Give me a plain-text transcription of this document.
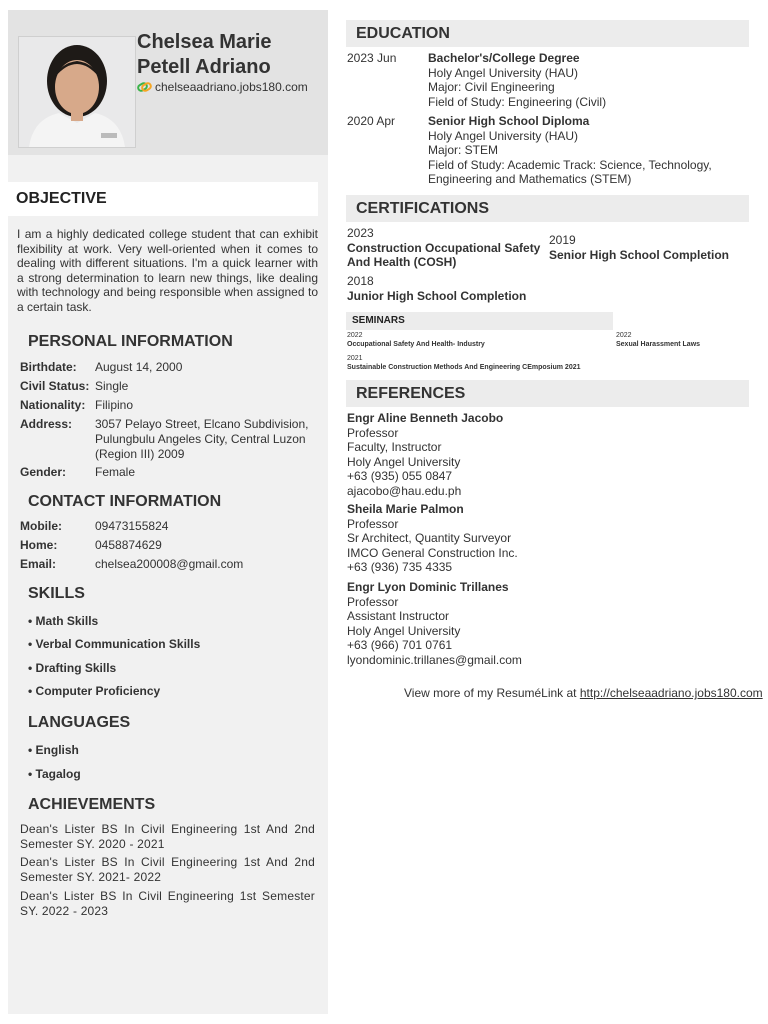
Chelsea Marie
Petell Adriano
chelseaadriano.jobs180.com
OBJECTIVE
I am a highly dedicated college student that can exhibit flexibility at work. Very well-oriented when it comes to dealing with different situations. I'm a quick learner with a strong determination to learn new things, like dealing with technology and being responsible when assigned to a certain task.
PERSONAL INFORMATION
Birthdate: August 14, 2000
Civil Status: Single
Nationality: Filipino
Address: 3057 Pelayo Street, Elcano Subdivision, Pulungbulu Angeles City, Central Luzon (Region III) 2009
Gender: Female
CONTACT INFORMATION
Mobile:	09473155824
Home:	0458874629
Email:	chelsea200008@gmail.com
SKILLS
• Math Skills
• Verbal Communication Skills
• Drafting Skills
• Computer Proficiency
LANGUAGES
• English
• Tagalog
ACHIEVEMENTS
Dean's Lister BS In Civil Engineering 1st And 2nd Semester SY. 2020 - 2021
Dean's Lister BS In Civil Engineering 1st And 2nd Semester SY. 2021- 2022
Dean's Lister BS In Civil Engineering 1st Semester SY. 2022 - 2023
EDUCATION
2023 Jun	Bachelor's/College Degree
Holy Angel University (HAU)
Major: Civil Engineering
Field of Study: Engineering (Civil)
2020 Apr	Senior High School Diploma
Holy Angel University (HAU)
Major: STEM
Field of Study: Academic Track: Science, Technology, Engineering and Mathematics (STEM)
CERTIFICATIONS
2023
Construction Occupational Safety And Health (COSH)
2019
Senior High School Completion
2018
Junior High School Completion
SEMINARS
2022
Occupational Safety And Health- Industry
2022
Sexual Harassment Laws
2021
Sustainable Construction Methods And Engineering CEmposium 2021
REFERENCES
Engr Aline Benneth Jacobo
Professor
Faculty, Instructor
Holy Angel University
+63 (935) 055 0847
ajacobo@hau.edu.ph
Sheila Marie Palmon
Professor
Sr Architect, Quantity Surveyor
IMCO General Construction Inc.
+63 (936) 735 4335
Engr Lyon Dominic Trillanes
Professor
Assistant Instructor
Holy Angel University
+63 (966) 701 0761
lyondominic.trillanes@gmail.com
View more of my ResuméLink at http://chelseaadriano.jobs180.com
